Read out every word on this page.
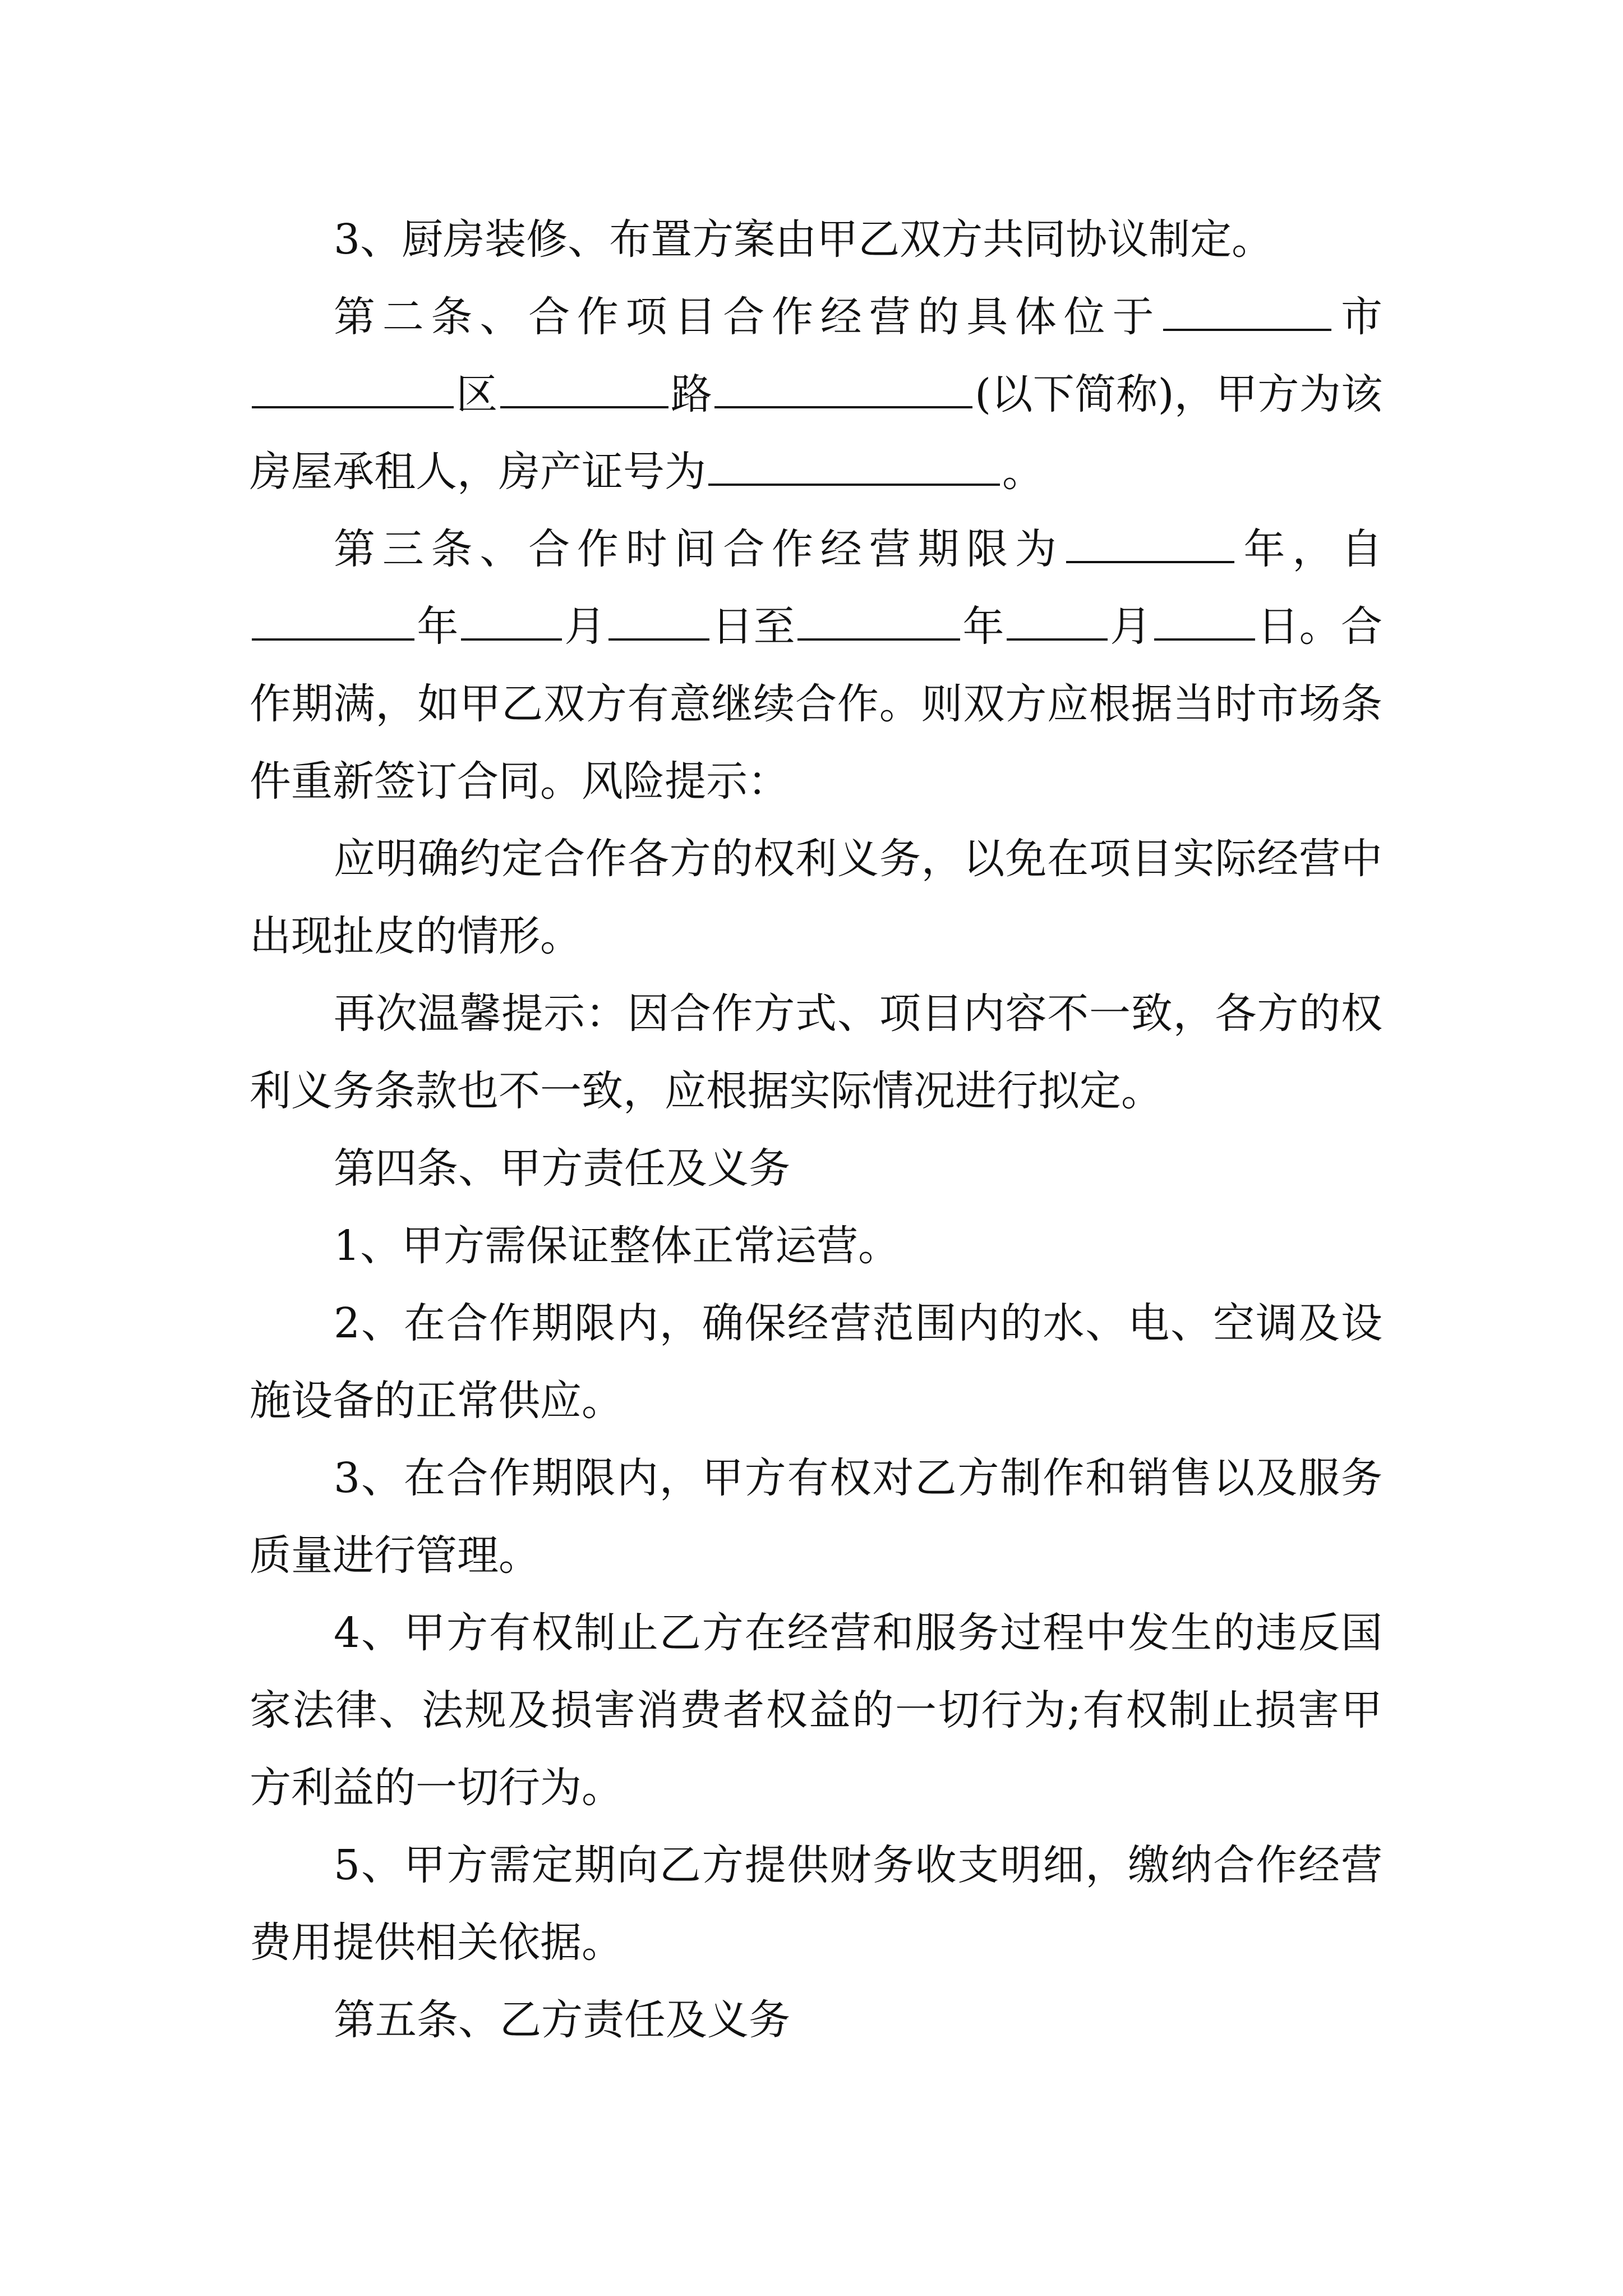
3、厨房装修、布置方案由甲乙双方共同协议制定。

第二条、合作项目合作经营的具体位于	市区	路	(以下简称)，甲方为该房屋承租人，房产证号为	。

第三条、合作时间合作经营期限为	年，自年	月	日至	年	月	日。合作期满，如甲乙双方有意继续合作。则双方应根据当时市场条件重新签订合同。风险提示：

应明确约定合作各方的权利义务，以免在项目实际经营中出现扯皮的情形。

再次温馨提示：因合作方式、项目内容不一致，各方的权利义务条款也不一致，应根据实际情况进行拟定。

第四条、甲方责任及义务

1、甲方需保证整体正常运营。

2、在合作期限内，确保经营范围内的水、电、空调及设施设备的正常供应。

3、在合作期限内，甲方有权对乙方制作和销售以及服务质量进行管理。

4、甲方有权制止乙方在经营和服务过程中发生的违反国家法律、法规及损害消费者权益的一切行为;有权制止损害甲方利益的一切行为。

5、甲方需定期向乙方提供财务收支明细，缴纳合作经营费用提供相关依据。

第五条、乙方责任及义务
